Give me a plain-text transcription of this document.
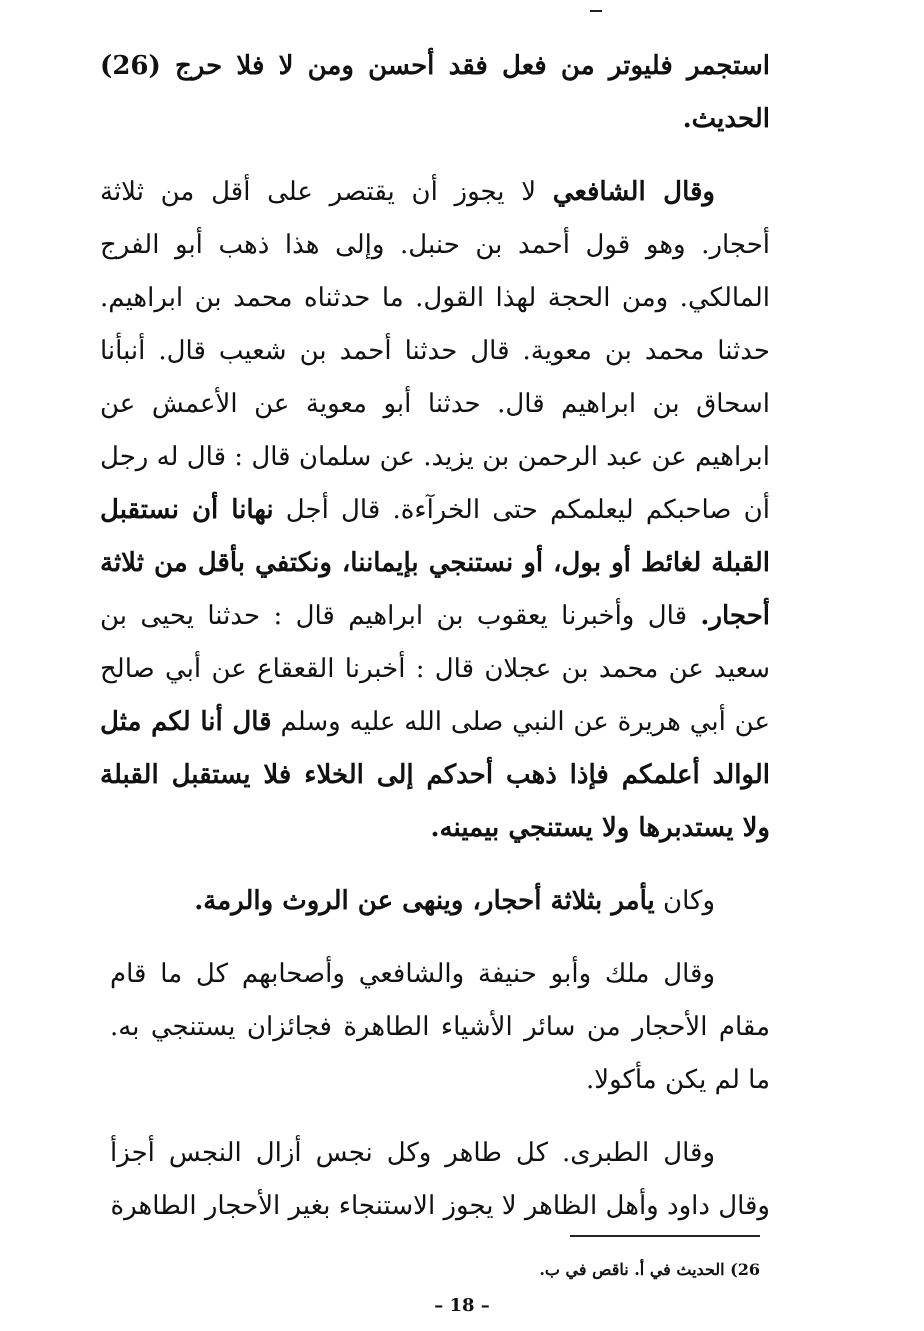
استجمر فليوتر من فعل فقد أحسن ومن لا فلا حرج (26) الحديث.

وقال الشافعي لا يجوز أن يقتصر على أقل من ثلاثة أحجار. وهو قول أحمد بن حنبل. وإلى هذا ذهب أبو الفرج المالكي. ومن الحجة لهذا القول. ما حدثناه محمد بن ابراهيم. حدثنا محمد بن معوية. قال حدثنا أحمد بن شعيب قال. أنبأنا اسحاق بن ابراهيم قال. حدثنا أبو معوية عن الأعمش عن ابراهيم عن عبد الرحمن بن يزيد. عن سلمان قال : قال له رجل أن صاحبكم ليعلمكم حتى الخرآءة. قال أجل نهانا أن نستقبل القبلة لغائط أو بول، أو نستنجي بإيماننا، ونكتفي بأقل من ثلاثة أحجار. قال وأخبرنا يعقوب بن ابراهيم قال : حدثنا يحيى بن سعيد عن محمد بن عجلان قال : أخبرنا القعقاع عن أبي صالح عن أبي هريرة عن النبي صلى الله عليه وسلم قال أنا لكم مثل الوالد أعلمكم فإذا ذهب أحدكم إلى الخلاء فلا يستقبل القبلة ولا يستدبرها ولا يستنجي بيمينه.

وكان يأمر بثلاثة أحجار، وينهى عن الروث والرمة.

وقال ملك وأبو حنيفة والشافعي وأصحابهم كل ما قام مقام الأحجار من سائر الأشياء الطاهرة فجائزان يستنجي به. ما لم يكن مأكولا.

وقال الطبرى. كل طاهر وكل نجس أزال النجس أجزأ وقال داود وأهل الظاهر لا يجوز الاستنجاء بغير الأحجار الطاهرة

26) الحديث في أ. ناقص في ب.
– 18 –
